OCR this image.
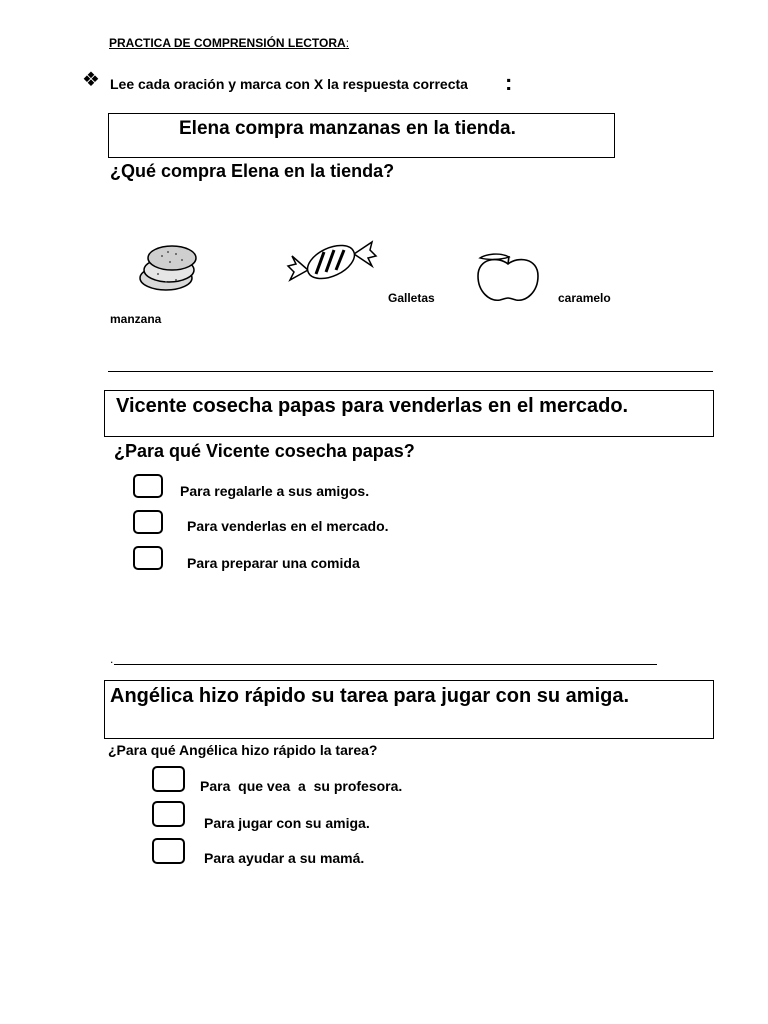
PRACTICA DE COMPRENSIÓN LECTORA:
❖ Lee cada oración y marca con X la respuesta correcta :
Elena compra manzanas en la tienda.
¿Qué compra Elena en la tienda?
Galletas	caramelo
manzana
Vicente cosecha papas para venderlas en el mercado.
¿Para qué Vicente cosecha papas?
Para regalarle a sus amigos.
Para venderlas en el mercado.
Para preparar una comida
.
Angélica hizo rápido su tarea para jugar con su amiga.
¿Para qué Angélica hizo rápido la tarea?
Para  que vea  a  su profesora.
Para jugar con su amiga.
Para ayudar a su mamá.
